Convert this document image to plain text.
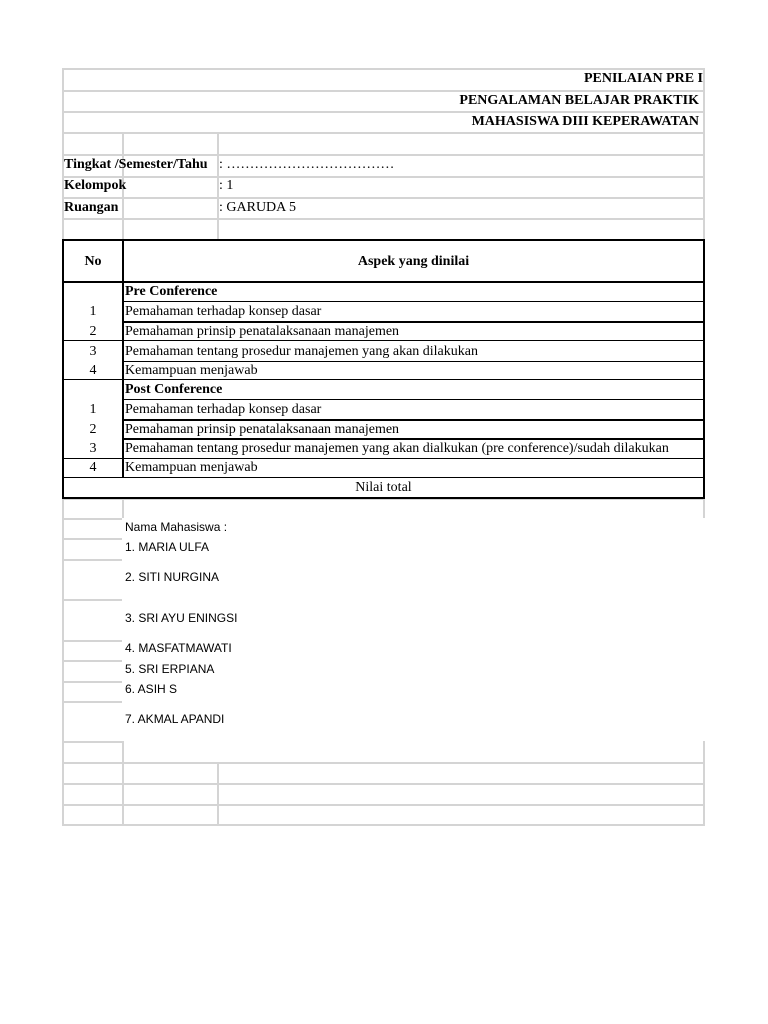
PENILAIAN PRE I
PENGALAMAN BELAJAR PRAKTIK
MAHASISWA DIII KEPERAWATAN
Tingkat /Semester/Tahu : ………………………………
Kelompok	: 1
Ruangan	: GARUDA 5
No	Aspek yang dinilai
Pre Conference
1	Pemahaman terhadap konsep dasar
2	Pemahaman prinsip penatalaksanaan manajemen
3	Pemahaman tentang prosedur manajemen yang akan dilakukan
4	Kemampuan menjawab
Post Conference
1	Pemahaman terhadap konsep dasar
2	Pemahaman prinsip penatalaksanaan manajemen
3	Pemahaman tentang prosedur manajemen yang akan dialkukan (pre conference)/sudah dilakukan
4	Kemampuan menjawab
Nilai total
Nama Mahasiswa :
1. MARIA ULFA
2. SITI NURGINA
3. SRI AYU ENINGSI
4. MASFATMAWATI
5. SRI ERPIANA
6. ASIH S
7. AKMAL APANDI
